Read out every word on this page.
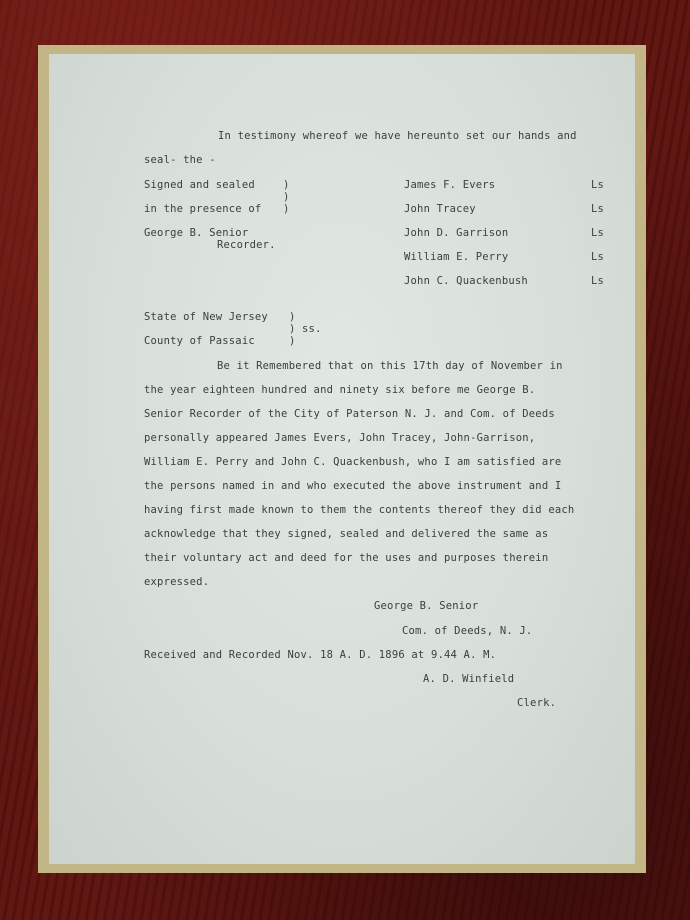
In testimony whereof we have hereunto set our hands and
seal- the -
Signed and sealed	)
)
in the presence of )
George B. Senior
Recorder.
James F. Evers	Ls
John Tracey	Ls
John D. Garrison	Ls
William E. Perry	Ls
John C. Quackenbush	Ls
State of New Jersey )
) ss.
County of Passaic	)
Be it Remembered that on this 17th day of November in
the year eighteen hundred and ninety six before me George B.
Senior Recorder of the City of Paterson N. J. and Com. of Deeds
personally appeared James Evers, John Tracey, John-Garrison,
William E. Perry and John C. Quackenbush, who I am satisfied are
the persons named in and who executed the above instrument and I
having first made known to them the contents thereof they did each
acknowledge that they signed, sealed and delivered the same as
their voluntary act and deed for the uses and purposes therein
expressed.
George B. Senior
Com. of Deeds, N. J.
Received and Recorded Nov. 18 A. D. 1896 at 9.44 A. M.
A. D. Winfield
Clerk.
